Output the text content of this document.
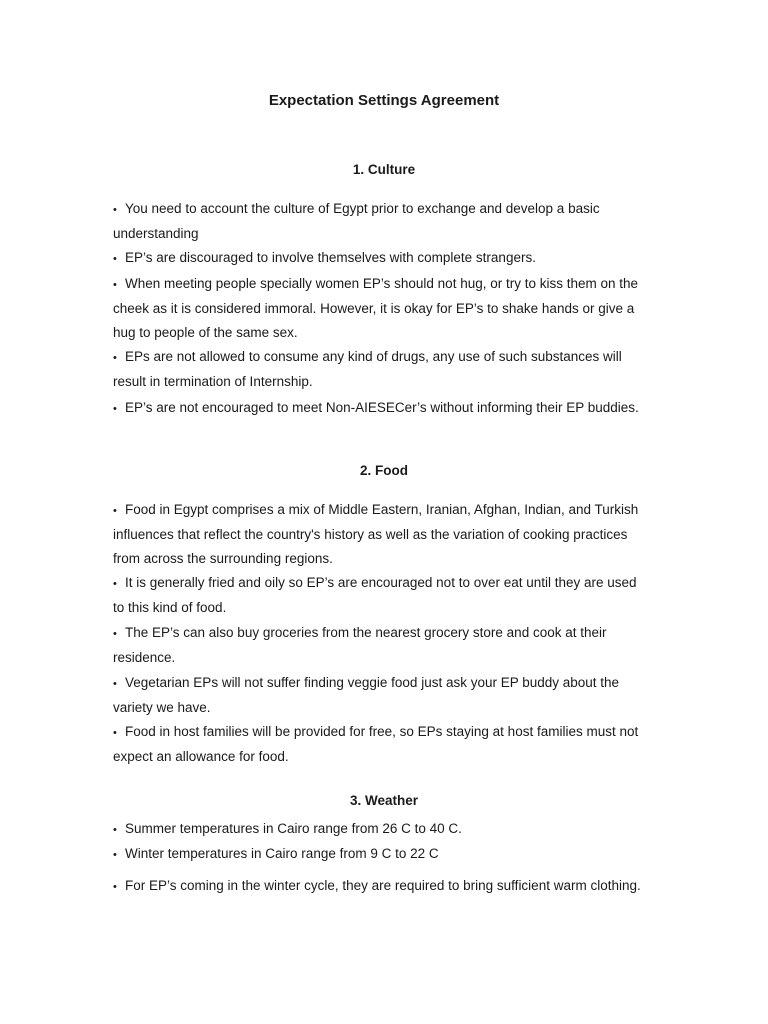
Expectation Settings Agreement
1. Culture
• You need to account the culture of Egypt prior to exchange and develop a basic understanding
• EP’s are discouraged to involve themselves with complete strangers.
• When meeting people specially women EP’s should not hug, or try to kiss them on the cheek as it is considered immoral. However, it is okay for EP’s to shake hands or give a hug to people of the same sex.
• EPs are not allowed to consume any kind of drugs, any use of such substances will result in termination of Internship.
• EP’s are not encouraged to meet Non-AIESECer’s without informing their EP buddies.
2. Food
• Food in Egypt comprises a mix of Middle Eastern, Iranian, Afghan, Indian, and Turkish influences that reflect the country's history as well as the variation of cooking practices from across the surrounding regions.
• It is generally fried and oily so EP’s are encouraged not to over eat until they are used to this kind of food.
• The EP’s can also buy groceries from the nearest grocery store and cook at their residence.
• Vegetarian EPs will not suffer finding veggie food just ask your EP buddy about the variety we have.
• Food in host families will be provided for free, so EPs staying at host families must not expect an allowance for food.
3. Weather
• Summer temperatures in Cairo range from 26 C to 40 C.
• Winter temperatures in Cairo range from 9 C to 22 C
• For EP’s coming in the winter cycle, they are required to bring sufficient warm clothing.
